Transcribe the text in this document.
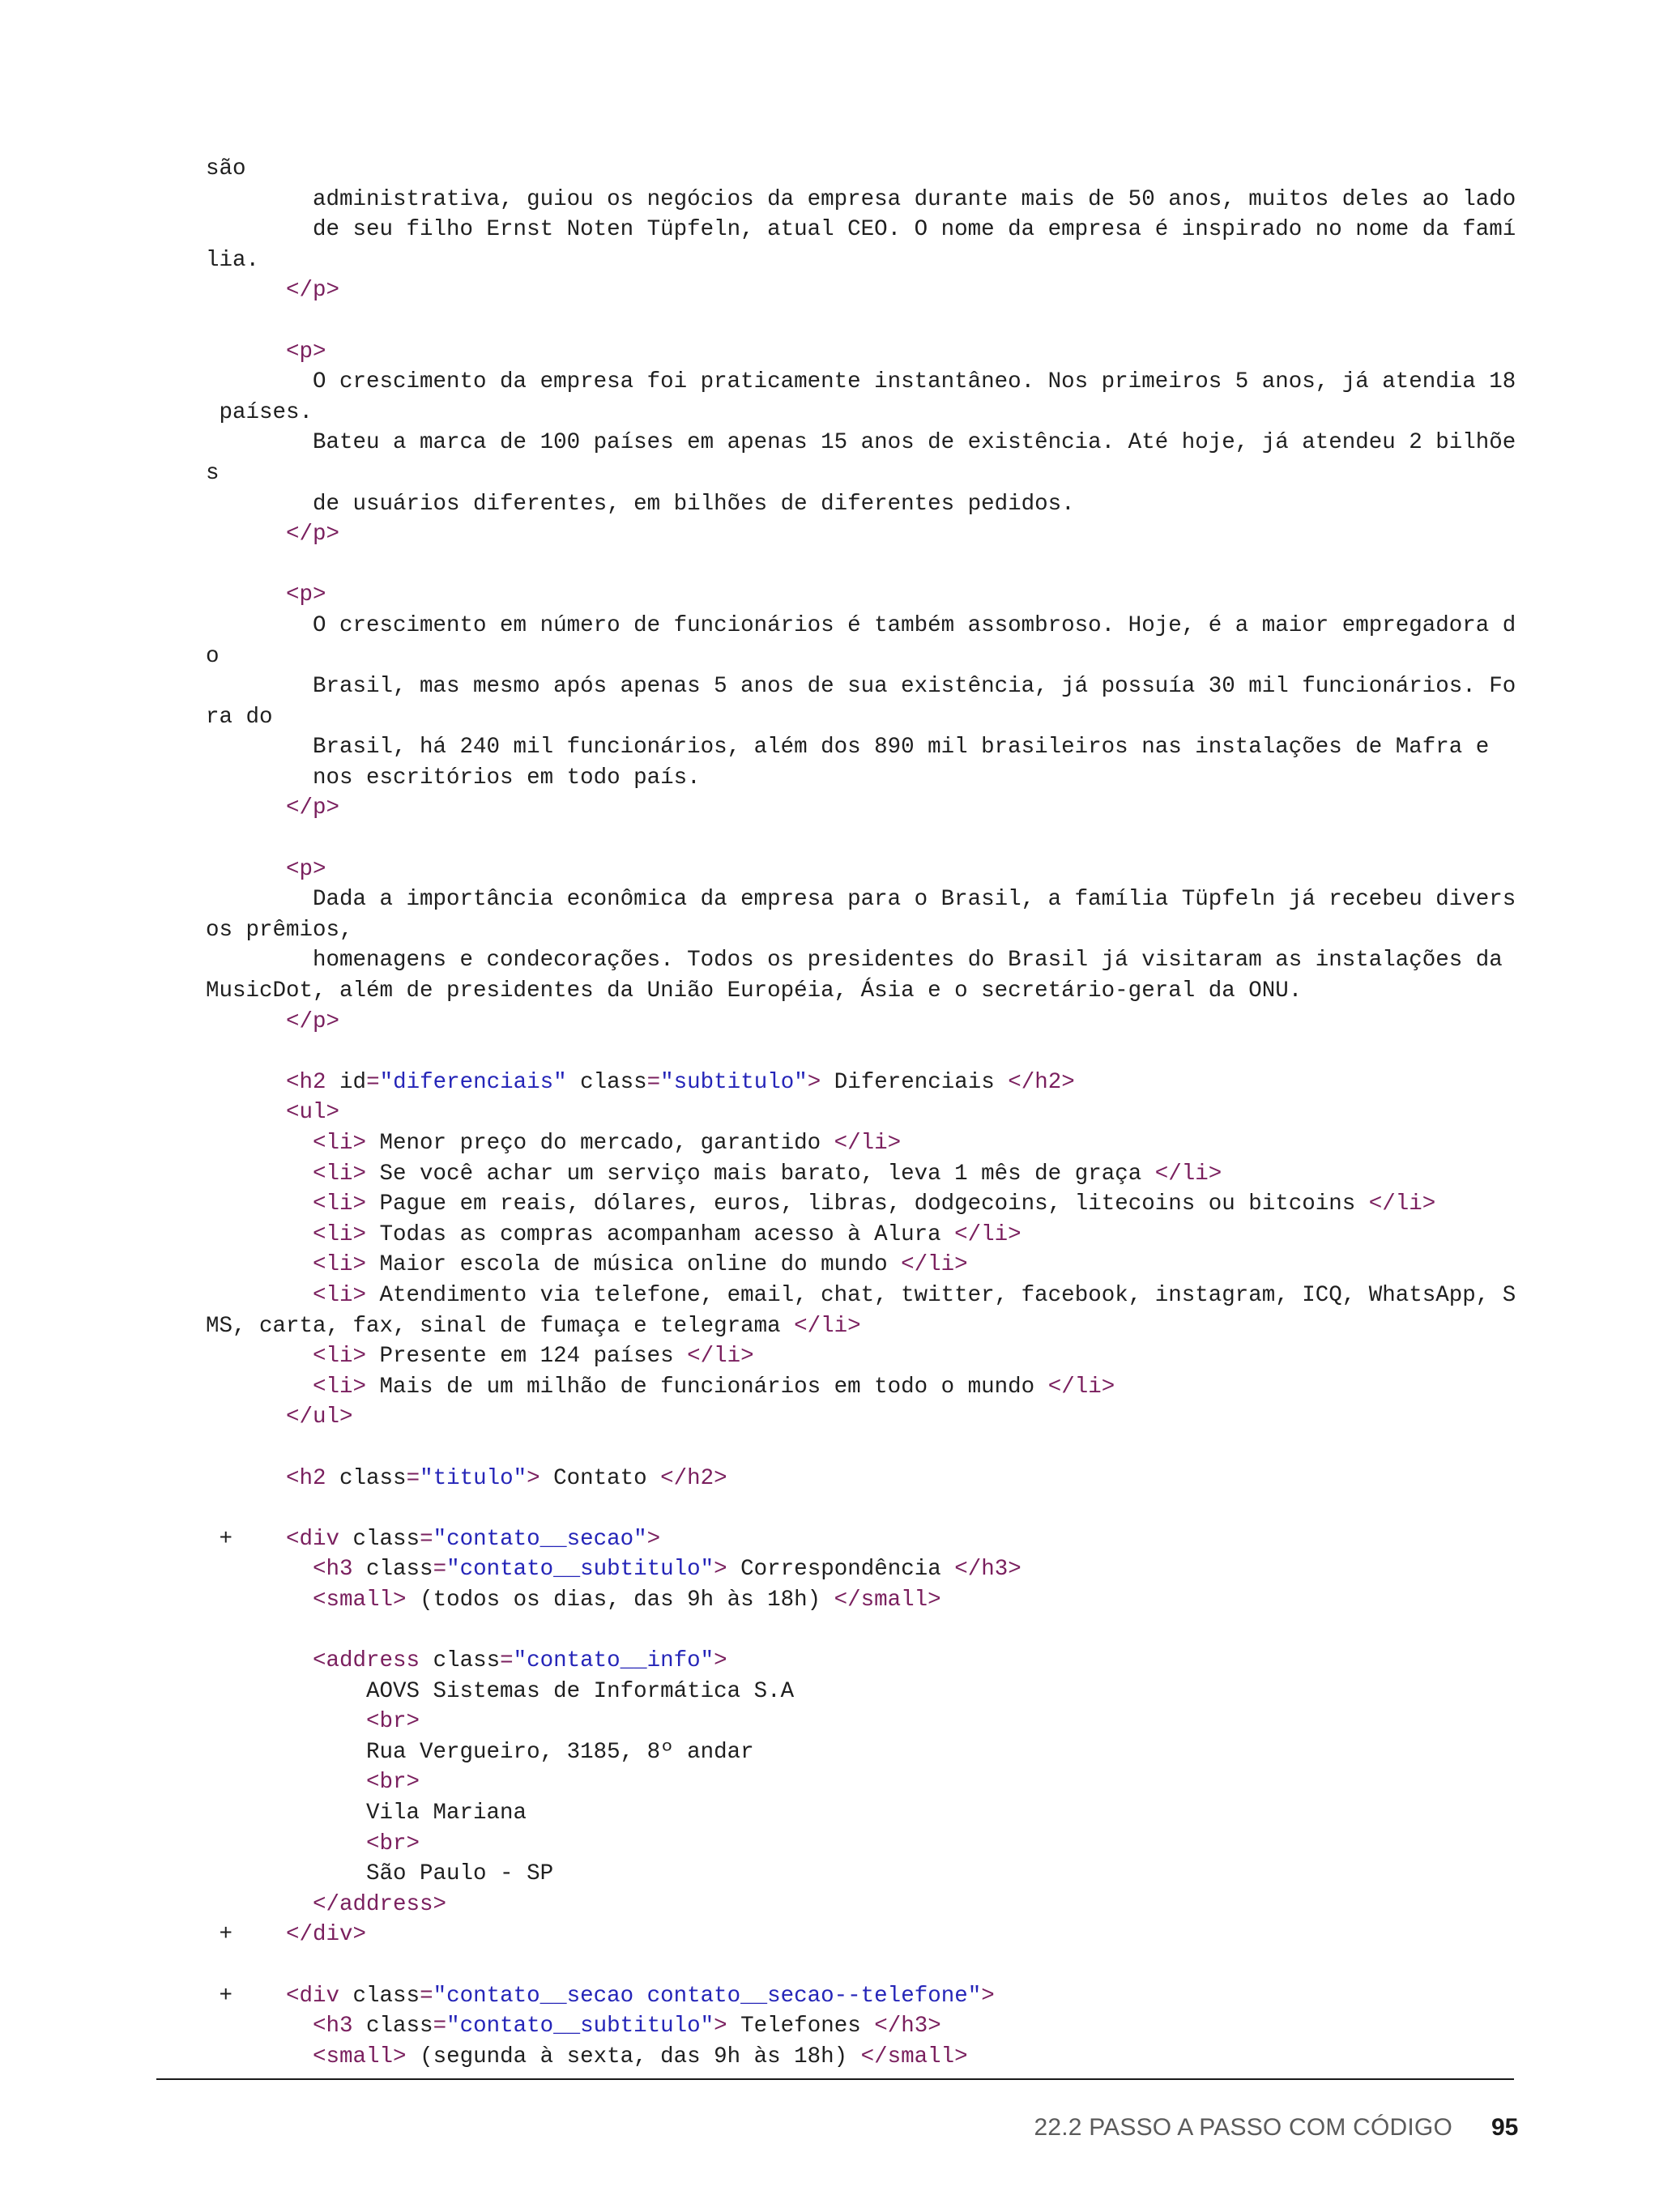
são
administrativa, guiou os negócios da empresa durante mais de 50 anos, muitos deles ao lado
de seu filho Ernst Noten Tüpfeln, atual CEO. O nome da empresa é inspirado no nome da famí
lia.
</p>
<p>
O crescimento da empresa foi praticamente instantâneo. Nos primeiros 5 anos, já atendia 18
países.
Bateu a marca de 100 países em apenas 15 anos de existência. Até hoje, já atendeu 2 bilhõe
s
de usuários diferentes, em bilhões de diferentes pedidos.
</p>
<p>
O crescimento em número de funcionários é também assombroso. Hoje, é a maior empregadora d
o
Brasil, mas mesmo após apenas 5 anos de sua existência, já possuía 30 mil funcionários. Fo
ra do
Brasil, há 240 mil funcionários, além dos 890 mil brasileiros nas instalações de Mafra e
nos escritórios em todo país.
</p>
<p>
Dada a importância econômica da empresa para o Brasil, a família Tüpfeln já recebeu divers
os prêmios,
homenagens e condecorações. Todos os presidentes do Brasil já visitaram as instalações da
MusicDot, além de presidentes da União Européia, Ásia e o secretário-geral da ONU.
</p>
<h2 id="diferenciais" class="subtitulo"> Diferenciais </h2>
<ul>
<li> Menor preço do mercado, garantido </li>
<li> Se você achar um serviço mais barato, leva 1 mês de graça </li>
<li> Pague em reais, dólares, euros, libras, dodgecoins, litecoins ou bitcoins </li>
<li> Todas as compras acompanham acesso à Alura </li>
<li> Maior escola de música online do mundo </li>
<li> Atendimento via telefone, email, chat, twitter, facebook, instagram, ICQ, WhatsApp, S
MS, carta, fax, sinal de fumaça e telegrama </li>
<li> Presente em 124 países </li>
<li> Mais de um milhão de funcionários em todo o mundo </li>
</ul>
<h2 class="titulo"> Contato </h2>
+    <div class="contato__secao">
<h3 class="contato__subtitulo"> Correspondência </h3>
<small> (todos os dias, das 9h às 18h) </small>
<address class="contato__info">
AOVS Sistemas de Informática S.A
<br>
Rua Vergueiro, 3185, 8º andar
<br>
Vila Mariana
<br>
São Paulo - SP
</address>
+    </div>
+    <div class="contato__secao contato__secao--telefone">
<h3 class="contato__subtitulo"> Telefones </h3>
<small> (segunda à sexta, das 9h às 18h) </small>
22.2 PASSO A PASSO COM CÓDIGO 95
